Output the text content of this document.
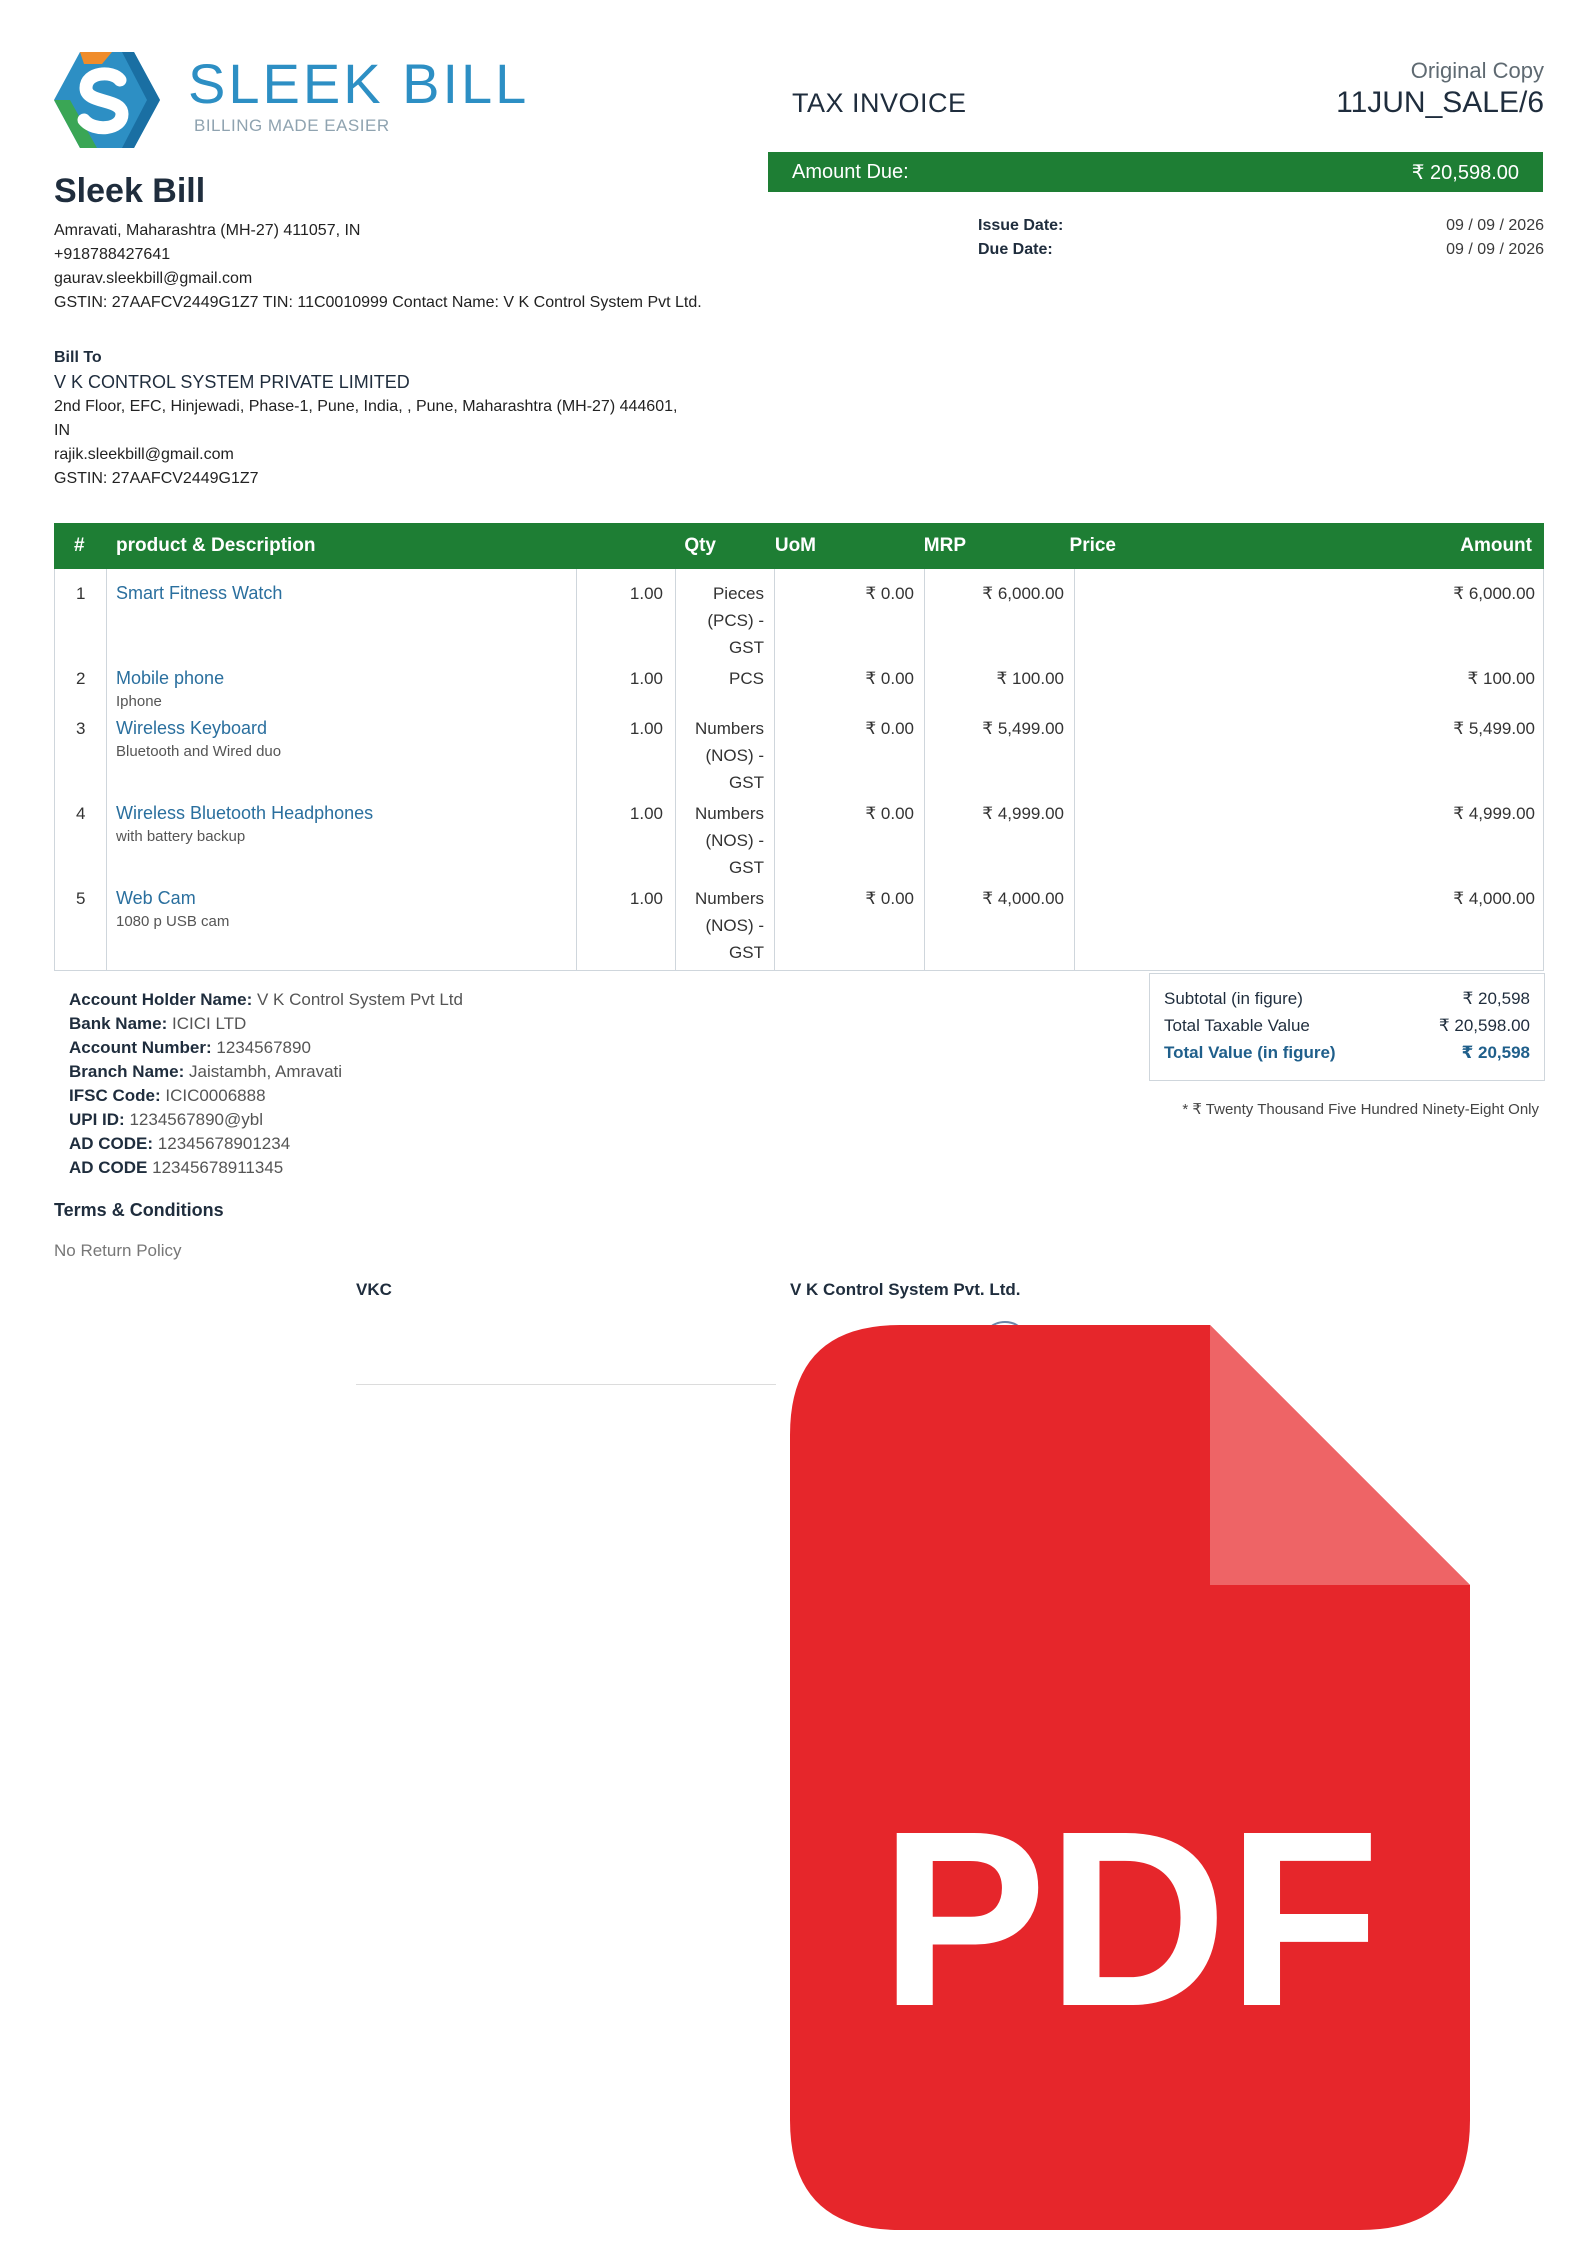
SLEEK BILL
BILLING MADE EASIER
TAX INVOICE
Original Copy
11JUN_SALE/6
Amount Due:	₹ 20,598.00
Issue Date:	09 / 09 / 2026
Due Date:	09 / 09 / 2026
Sleek Bill
Amravati, Maharashtra (MH-27) 411057, IN
+918788427641
gaurav.sleekbill@gmail.com
GSTIN: 27AAFCV2449G1Z7 TIN: 11C0010999 Contact Name: V K Control System Pvt Ltd.
Bill To
V K CONTROL SYSTEM PRIVATE LIMITED
2nd Floor, EFC, Hinjewadi, Phase-1, Pune, India, , Pune, Maharashtra (MH-27) 444601,
IN
rajik.sleekbill@gmail.com
GSTIN: 27AAFCV2449G1Z7
# product & Description	Qty	UoM	MRP	Price	Amount
1 Smart Fitness Watch	1.00	Pieces
(PCS) -
GST
₹ 0.00	₹ 6,000.00	₹ 6,000.00
2 Mobile phone
Iphone
1.00	PCS	₹ 0.00	₹ 100.00	₹ 100.00
3 Wireless Keyboard
Bluetooth and Wired duo
1.00 Numbers
(NOS) -
GST
₹ 0.00	₹ 5,499.00	₹ 5,499.00
4 Wireless Bluetooth Headphones
with battery backup
1.00 Numbers
(NOS) -
GST
₹ 0.00	₹ 4,999.00	₹ 4,999.00
5 Web Cam
1080 p USB cam
1.00 Numbers
(NOS) -
GST
₹ 0.00	₹ 4,000.00	₹ 4,000.00
Subtotal (in figure)	₹ 20,598
Total Taxable Value	₹ 20,598.00
Total Value (in figure)	₹ 20,598
* ₹ Twenty Thousand Five Hundred Ninety-Eight Only
Account Holder Name: V K Control System Pvt Ltd
Bank Name: ICICI LTD
Account Number: 1234567890
Branch Name: Jaistambh, Amravati
IFSC Code: ICIC0006888
UPI ID: 1234567890@ybl
AD CODE: 12345678901234
AD CODE 12345678911345
Terms & Conditions
No Return Policy
VKC	V K Control System Pvt. Ltd.
PDF
